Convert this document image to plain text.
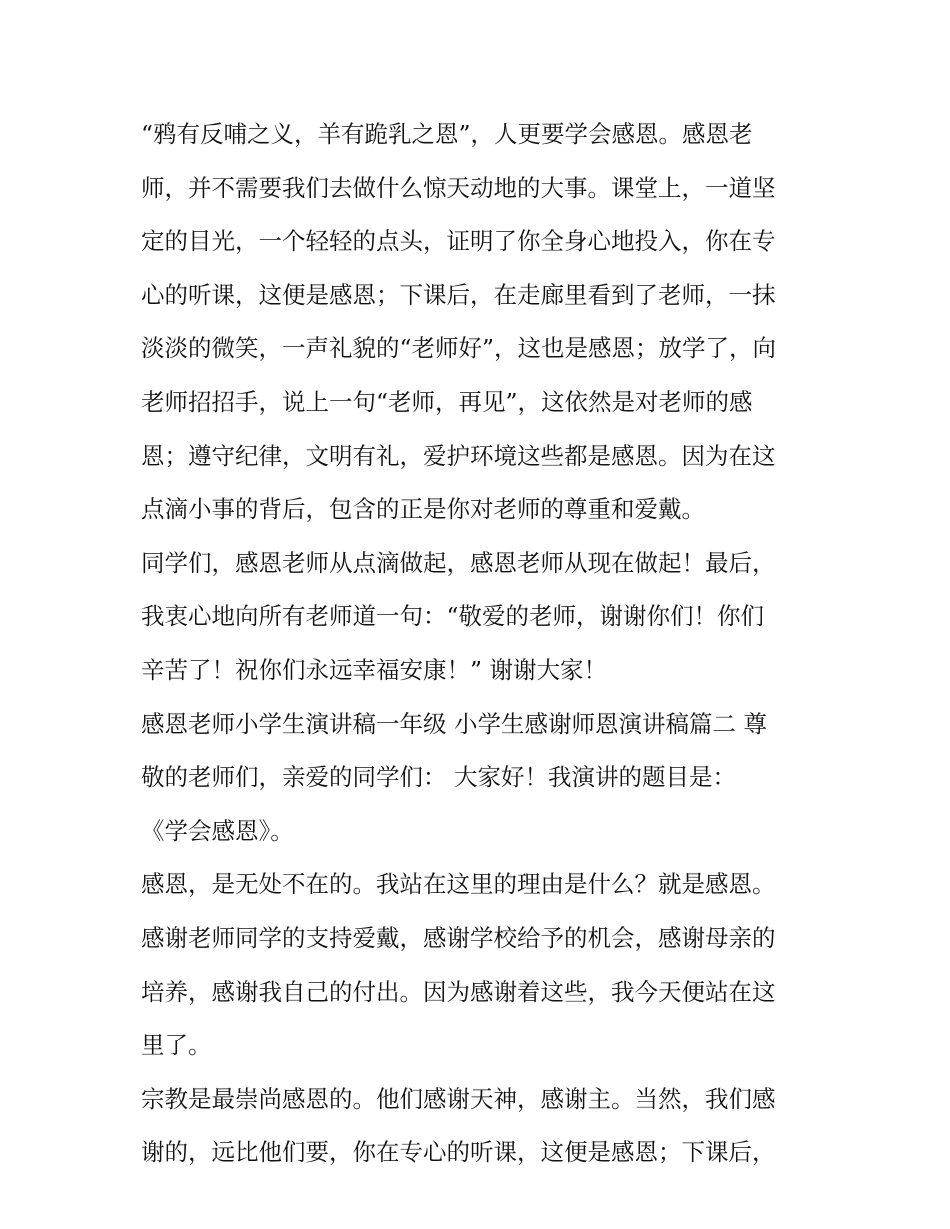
“鸦有反哺之义，羊有跪乳之恩”，人更要学会感恩。感恩老
师，并不需要我们去做什么惊天动地的大事。课堂上，一道坚
定的目光，一个轻轻的点头，证明了你全身心地投入，你在专
心的听课，这便是感恩；下课后，在走廊里看到了老师，一抹
淡淡的微笑，一声礼貌的“老师好”，这也是感恩；放学了，向
老师招招手，说上一句“老师，再见”，这依然是对老师的感
恩；遵守纪律，文明有礼，爱护环境这些都是感恩。因为在这
点滴小事的背后，包含的正是你对老师的尊重和爱戴。
同学们，感恩老师从点滴做起，感恩老师从现在做起！最后，
我衷心地向所有老师道一句：“敬爱的老师，谢谢你们！你们
辛苦了！祝你们永远幸福安康！” 谢谢大家！
感恩老师小学生演讲稿一年级 小学生感谢师恩演讲稿篇二 尊
敬的老师们，亲爱的同学们： 大家好！我演讲的题目是：
《学会感恩》。
感恩，是无处不在的。我站在这里的理由是什么？就是感恩。
感谢老师同学的支持爱戴，感谢学校给予的机会，感谢母亲的
培养，感谢我自己的付出。因为感谢着这些，我今天便站在这
里了。
宗教是最崇尚感恩的。他们感谢天神，感谢主。当然，我们感
谢的，远比他们要，你在专心的听课，这便是感恩；下课后，
